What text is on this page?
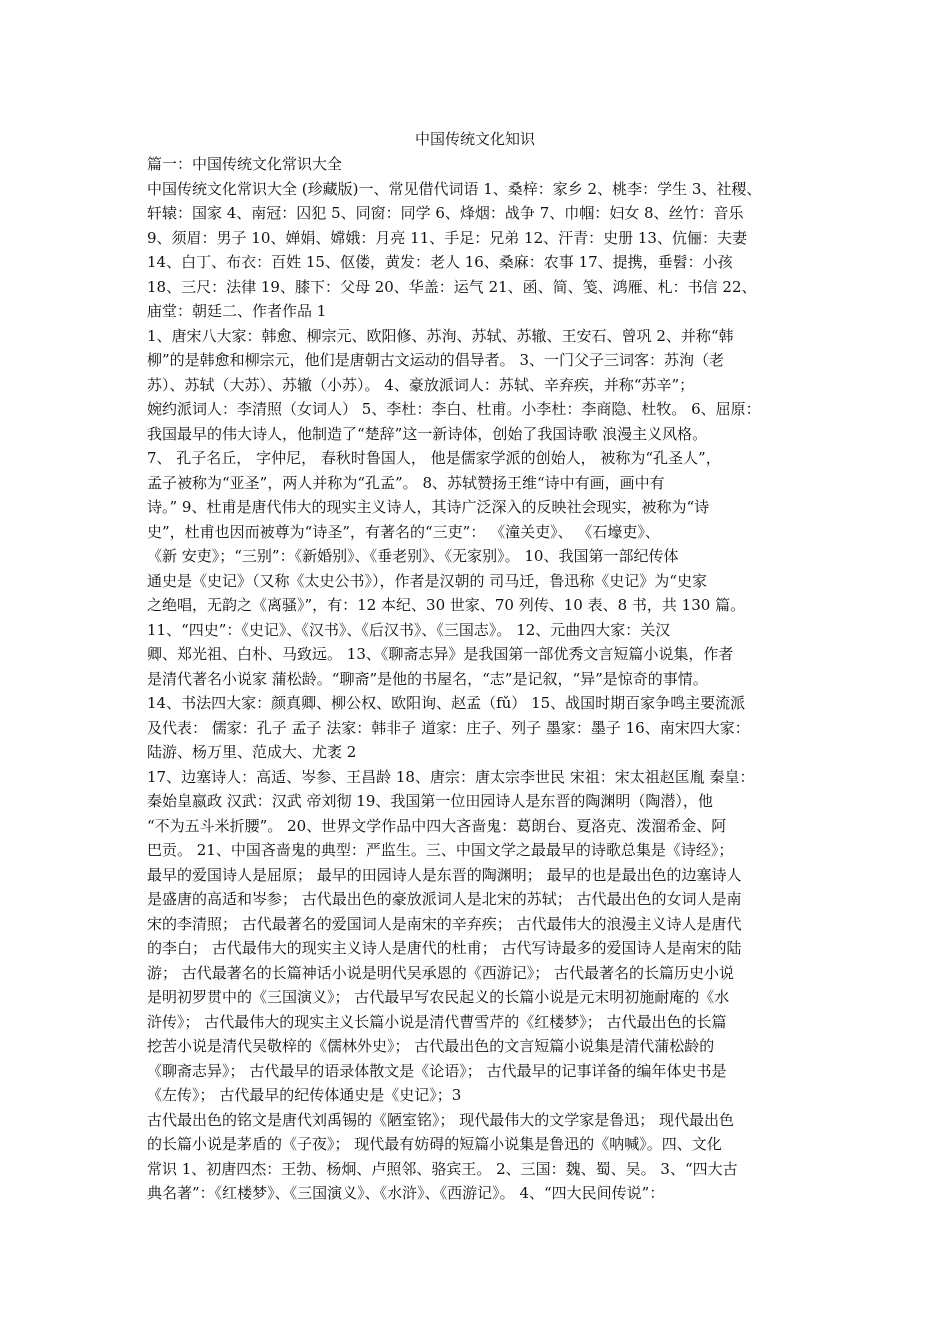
中国传统文化知识
篇一：中国传统文化常识大全
中国传统文化常识大全 (珍藏版)一、常见借代词语 1、桑梓：家乡 2、桃李：学生 3、社稷、
轩辕：国家 4、南冠：囚犯 5、同窗：同学 6、烽烟：战争 7、巾帼：妇女 8、丝竹：音乐
9、须眉：男子 10、婵娟、嫦娥：月亮 11、手足：兄弟 12、汗青：史册 13、伉俪：夫妻
14、白丁、布衣：百姓 15、伛偻，黄发：老人 16、桑麻：农事 17、提携，垂髫：小孩
18、三尺：法律 19、膝下：父母 20、华盖：运气 21、函、简、笺、鸿雁、札：书信 22、
庙堂：朝廷二、作者作品 1
1、唐宋八大家：韩愈、柳宗元、欧阳修、苏洵、苏轼、苏辙、王安石、曾巩 2、并称“韩
柳”的是韩愈和柳宗元，他们是唐朝古文运动的倡导者。 3、一门父子三词客：苏洵（老
苏）、苏轼（大苏）、苏辙（小苏）。 4、豪放派词人：苏轼、辛弃疾，并称“苏辛”；
婉约派词人：李清照（女词人） 5、李杜：李白、杜甫。小李杜：李商隐、杜牧。 6、屈原：
我国最早的伟大诗人，他制造了“楚辞”这一新诗体，创始了我国诗歌 浪漫主义风格。
7、 孔子名丘， 字仲尼， 春秋时鲁国人， 他是儒家学派的创始人， 被称为“孔圣人”，
孟子被称为“亚圣”，两人并称为“孔孟”。 8、苏轼赞扬王维“诗中有画，画中有
诗。” 9、杜甫是唐代伟大的现实主义诗人，其诗广泛深入的反映社会现实，被称为“诗
史”，杜甫也因而被尊为“诗圣”，有著名的“三吏”： 《潼关吏》、 《石壕吏》、
《新 安吏》；“三别”：《新婚别》、《垂老别》、《无家别》。 10、我国第一部纪传体
通史是《史记》（又称《太史公书》），作者是汉朝的 司马迁，鲁迅称《史记》为“史家
之绝唱，无韵之《离骚》”，有：12 本纪、30 世家、70 列传、10 表、8 书，共 130 篇。
11、“四史”：《史记》、《汉书》、《后汉书》、《三国志》。 12、元曲四大家：关汉
卿、郑光祖、白朴、马致远。 13、《聊斋志异》是我国第一部优秀文言短篇小说集，作者
是清代著名小说家 蒲松龄。“聊斋”是他的书屋名，“志”是记叙，“异”是惊奇的事情。
14、书法四大家：颜真卿、柳公权、欧阳询、赵孟（fǔ） 15、战国时期百家争鸣主要流派
及代表： 儒家：孔子 孟子 法家：韩非子 道家：庄子、列子 墨家：墨子 16、南宋四大家：
陆游、杨万里、范成大、尤袤 2
17、边塞诗人：高适、岑参、王昌龄 18、唐宗：唐太宗李世民 宋祖：宋太祖赵匡胤 秦皇：
秦始皇嬴政 汉武：汉武 帝刘彻 19、我国第一位田园诗人是东晋的陶渊明（陶潜），他
“不为五斗米折腰”。 20、世界文学作品中四大吝啬鬼：葛朗台、夏洛克、泼溜希金、阿
巴贡。 21、中国吝啬鬼的典型：严监生。三、中国文学之最最早的诗歌总集是《诗经》；
最早的爱国诗人是屈原； 最早的田园诗人是东晋的陶渊明； 最早的也是最出色的边塞诗人
是盛唐的高适和岑参； 古代最出色的豪放派词人是北宋的苏轼； 古代最出色的女词人是南
宋的李清照； 古代最著名的爱国词人是南宋的辛弃疾； 古代最伟大的浪漫主义诗人是唐代
的李白； 古代最伟大的现实主义诗人是唐代的杜甫； 古代写诗最多的爱国诗人是南宋的陆
游； 古代最著名的长篇神话小说是明代吴承恩的《西游记》； 古代最著名的长篇历史小说
是明初罗贯中的《三国演义》； 古代最早写农民起义的长篇小说是元末明初施耐庵的《水
浒传》； 古代最伟大的现实主义长篇小说是清代曹雪芹的《红楼梦》； 古代最出色的长篇
挖苦小说是清代吴敬梓的《儒林外史》； 古代最出色的文言短篇小说集是清代蒲松龄的
《聊斋志异》； 古代最早的语录体散文是《论语》； 古代最早的记事详备的编年体史书是
《左传》； 古代最早的纪传体通史是《史记》；3
古代最出色的铭文是唐代刘禹锡的《陋室铭》； 现代最伟大的文学家是鲁迅； 现代最出色
的长篇小说是茅盾的《子夜》； 现代最有妨碍的短篇小说集是鲁迅的《呐喊》。四、文化
常识 1、初唐四杰：王勃、杨炯、卢照邻、骆宾王。 2、三国：魏、蜀、吴。 3、“四大古
典名著”：《红楼梦》、《三国演义》、《水浒》、《西游记》。 4、“四大民间传说”：
